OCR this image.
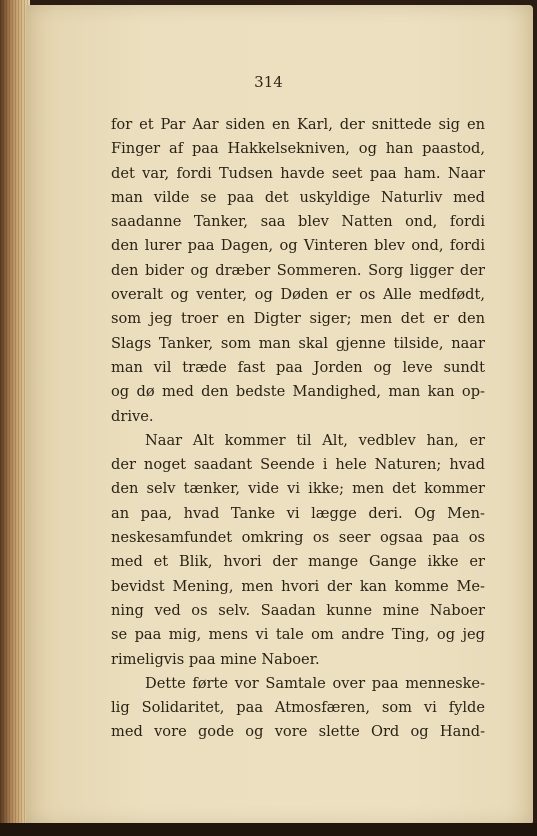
314
for et Par Aar siden en Karl, der snittede sig en
Finger af paa Hakkelsekniven, og han paastod,
det var, fordi Tudsen havde seet paa ham. Naar
man vilde se paa det uskyldige Naturliv med
saadanne Tanker, saa blev Natten ond, fordi
den lurer paa Dagen, og Vinteren blev ond, fordi
den bider og dræber Sommeren. Sorg ligger der
overalt og venter, og Døden er os Alle medfødt,
som jeg troer en Digter siger; men det er den
Slags Tanker, som man skal gjenne tilside, naar
man vil træde fast paa Jorden og leve sundt
og dø med den bedste Mandighed, man kan op-
drive.
Naar Alt kommer til Alt, vedblev han, er
der noget saadant Seende i hele Naturen; hvad
den selv tænker, vide vi ikke; men det kommer
an paa, hvad Tanke vi lægge deri. Og Men-
neskesamfundet omkring os seer ogsaa paa os
med et Blik, hvori der mange Gange ikke er
bevidst Mening, men hvori der kan komme Me-
ning ved os selv. Saadan kunne mine Naboer
se paa mig, mens vi tale om andre Ting, og jeg
rimeligvis paa mine Naboer.
Dette førte vor Samtale over paa menneske-
lig Solidaritet, paa Atmosfæren, som vi fylde
med vore gode og vore slette Ord og Hand-
